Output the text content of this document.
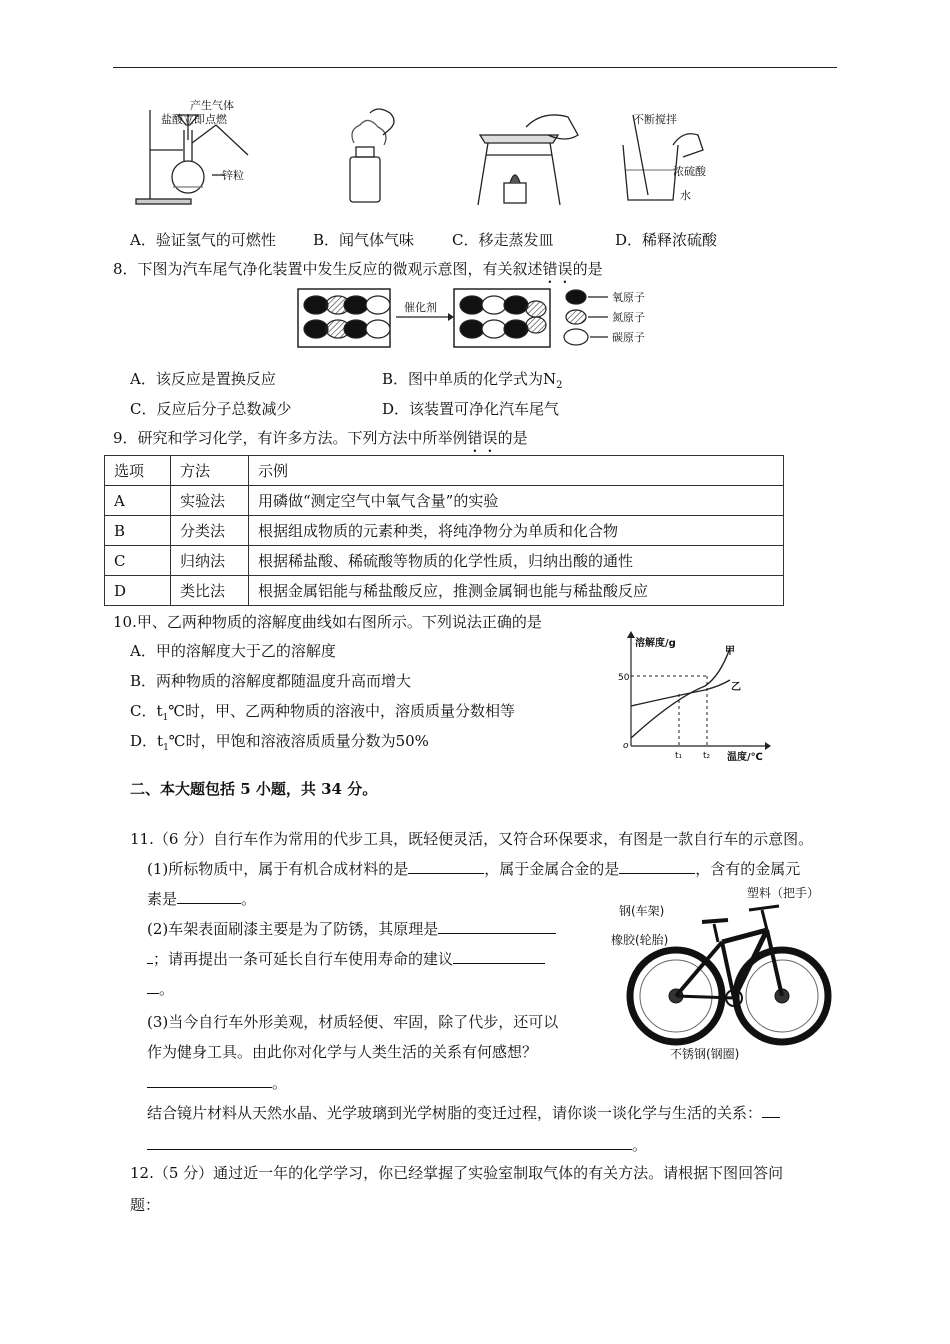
产生气体
盐酸立即点燃
锌粒
不断搅拌
浓硫酸
水
A．验证氢气的可燃性 B．闻气体气味	C．移走蒸发皿	D．稀释浓硫酸
8．下图为汽车尾气净化装置中发生反应的微观示意图，有关叙述错误的是
催化剂
氧原子
氮原子
碳原子
A．该反应是置换反应	B．图中单质的化学式为$N_2$
C．反应后分子总数减少	D．该装置可净化汽车尾气
9．研究和学习化学，有许多方法。下列方法中所举例错误的是
选项	方法	示例
A	实验法	用磷做“测定空气中氧气含量”的实验
B	分类法	根据组成物质的元素种类，将纯净物分为单质和化合物
C	归纳法	根据稀盐酸、稀硫酸等物质的化学性质，归纳出酸的通性
D	类比法	根据金属铝能与稀盐酸反应，推测金属铜也能与稀盐酸反应
10.甲、乙两种物质的溶解度曲线如右图所示。下列说法正确的是
A．甲的溶解度大于乙的溶解度
B．两种物质的溶解度都随温度升高而增大
C．$t_1℃$时，甲、乙两种物质的溶液中，溶质质量分数相等
D．$t_1℃$时，甲饱和溶液溶质质量分数为50%
溶解度/g
温度/℃
50
o
t₁ t₂
甲
乙
二、本大题包括 5 小题，共 34 分。
11.（6 分）自行车作为常用的代步工具，既轻便灵活，又符合环保要求，有图是一款自行车的示意图。
(1)所标物质中，属于有机合成材料的是	，属于金属合金的是	，含有的金属元
素是	。
(2)车架表面刷漆主要是为了防锈，其原理是
；请再提出一条可延长自行车使用寿命的建议
。
(3)当今自行车外形美观，材质轻便、牢固，除了代步，还可以
作为健身工具。由此你对化学与人类生活的关系有何感想？
。
结合镜片材料从天然水晶、光学玻璃到光学树脂的变迁过程，请你谈一谈化学与生活的关系：
。
塑料（把手）
钢(车架)
橡胶(轮胎)
不锈钢(钢圈)
12.（5 分）通过近一年的化学学习，你已经掌握了实验室制取气体的有关方法。请根据下图回答问
题：
